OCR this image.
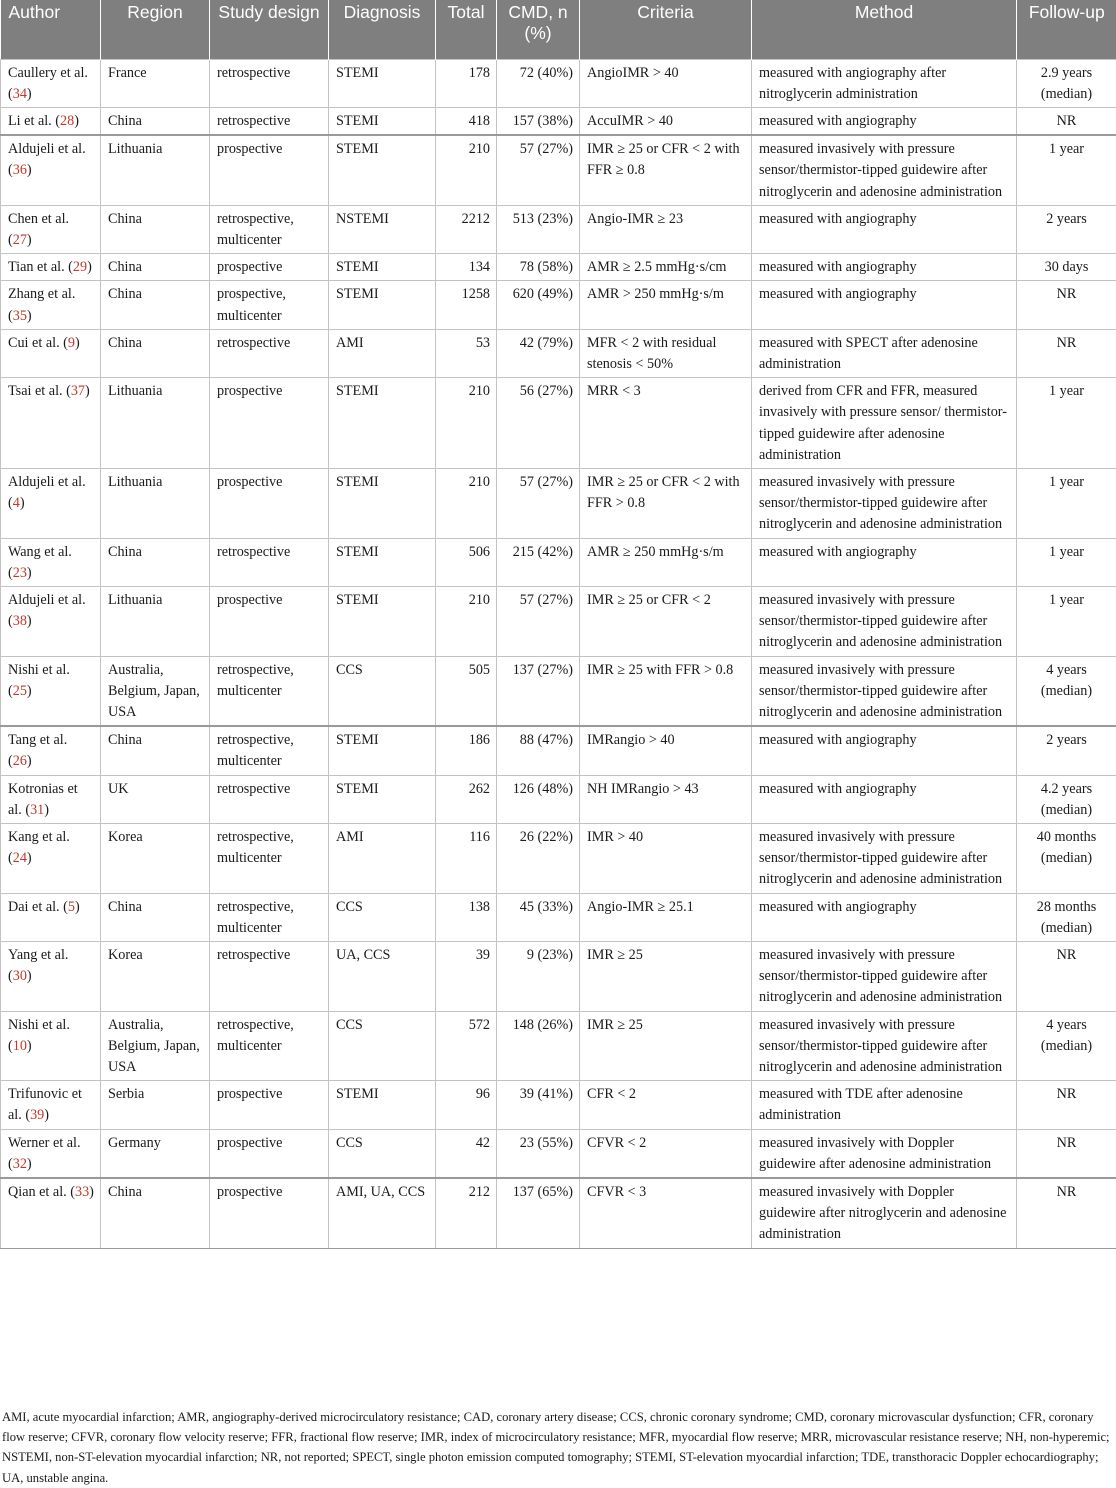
Author	Region	Study design	Diagnosis	Total	CMD, n (%)	Criteria	Method	Follow-up
Caullery et al. (34)	France	retrospective	STEMI	178	72 (40%)	AngioIMR > 40	measured with angiography after nitroglycerin administration	2.9 years (median)
Li et al. (28)	China	retrospective	STEMI	418	157 (38%)	AccuIMR > 40	measured with angiography	NR
Aldujeli et al. (36)	Lithuania	prospective	STEMI	210	57 (27%)	IMR ≥ 25 or CFR < 2 with FFR ≥ 0.8	measured invasively with pressure sensor/thermistor-tipped guidewire after nitroglycerin and adenosine administration	1 year
Chen et al. (27)	China	retrospective, multicenter	NSTEMI	2212	513 (23%)	Angio-IMR ≥ 23	measured with angiography	2 years
Tian et al. (29)	China	prospective	STEMI	134	78 (58%)	AMR ≥ 2.5 mmHg·s/cm	measured with angiography	30 days
Zhang et al. (35)	China	prospective, multicenter	STEMI	1258	620 (49%)	AMR > 250 mmHg·s/m	measured with angiography	NR
Cui et al. (9)	China	retrospective	AMI	53	42 (79%)	MFR < 2 with residual stenosis < 50%	measured with SPECT after adenosine administration	NR
Tsai et al. (37)	Lithuania	prospective	STEMI	210	56 (27%)	MRR < 3	derived from CFR and FFR, measured invasively with pressure sensor/ thermistor-tipped guidewire after adenosine administration	1 year
Aldujeli et al. (4)	Lithuania	prospective	STEMI	210	57 (27%)	IMR ≥ 25 or CFR < 2 with FFR > 0.8	measured invasively with pressure sensor/thermistor-tipped guidewire after nitroglycerin and adenosine administration	1 year
Wang et al. (23)	China	retrospective	STEMI	506	215 (42%)	AMR ≥ 250 mmHg·s/m	measured with angiography	1 year
Aldujeli et al. (38)	Lithuania	prospective	STEMI	210	57 (27%)	IMR ≥ 25 or CFR < 2	measured invasively with pressure sensor/thermistor-tipped guidewire after nitroglycerin and adenosine administration	1 year
Nishi et al. (25)	Australia, Belgium, Japan, USA	retrospective, multicenter	CCS	505	137 (27%)	IMR ≥ 25 with FFR > 0.8	measured invasively with pressure sensor/thermistor-tipped guidewire after nitroglycerin and adenosine administration	4 years (median)
Tang et al. (26)	China	retrospective, multicenter	STEMI	186	88 (47%)	IMRangio > 40	measured with angiography	2 years
Kotronias et al. (31)	UK	retrospective	STEMI	262	126 (48%)	NH IMRangio > 43	measured with angiography	4.2 years (median)
Kang et al. (24)	Korea	retrospective, multicenter	AMI	116	26 (22%)	IMR > 40	measured invasively with pressure sensor/thermistor-tipped guidewire after nitroglycerin and adenosine administration	40 months (median)
Dai et al. (5)	China	retrospective, multicenter	CCS	138	45 (33%)	Angio-IMR ≥ 25.1	measured with angiography	28 months (median)
Yang et al. (30)	Korea	retrospective	UA, CCS	39	9 (23%)	IMR ≥ 25	measured invasively with pressure sensor/thermistor-tipped guidewire after nitroglycerin and adenosine administration	NR
Nishi et al. (10)	Australia, Belgium, Japan, USA	retrospective, multicenter	CCS	572	148 (26%)	IMR ≥ 25	measured invasively with pressure sensor/thermistor-tipped guidewire after nitroglycerin and adenosine administration	4 years (median)
Trifunovic et al. (39)	Serbia	prospective	STEMI	96	39 (41%)	CFR < 2	measured with TDE after adenosine administration	NR
Werner et al. (32)	Germany	prospective	CCS	42	23 (55%)	CFVR < 2	measured invasively with Doppler guidewire after adenosine administration	NR
Qian et al. (33)	China	prospective	AMI, UA, CCS	212	137 (65%)	CFVR < 3	measured invasively with Doppler guidewire after nitroglycerin and adenosine administration	NR

AMI, acute myocardial infarction; AMR, angiography-derived microcirculatory resistance; CAD, coronary artery disease; CCS, chronic coronary syndrome; CMD, coronary microvascular dysfunction; CFR, coronary flow reserve; CFVR, coronary flow velocity reserve; FFR, fractional flow reserve; IMR, index of microcirculatory resistance; MFR, myocardial flow reserve; MRR, microvascular resistance reserve; NH, non-hyperemic; NSTEMI, non-ST-elevation myocardial infarction; NR, not reported; SPECT, single photon emission computed tomography; STEMI, ST-elevation myocardial infarction; TDE, transthoracic Doppler echocardiography; UA, unstable angina.
